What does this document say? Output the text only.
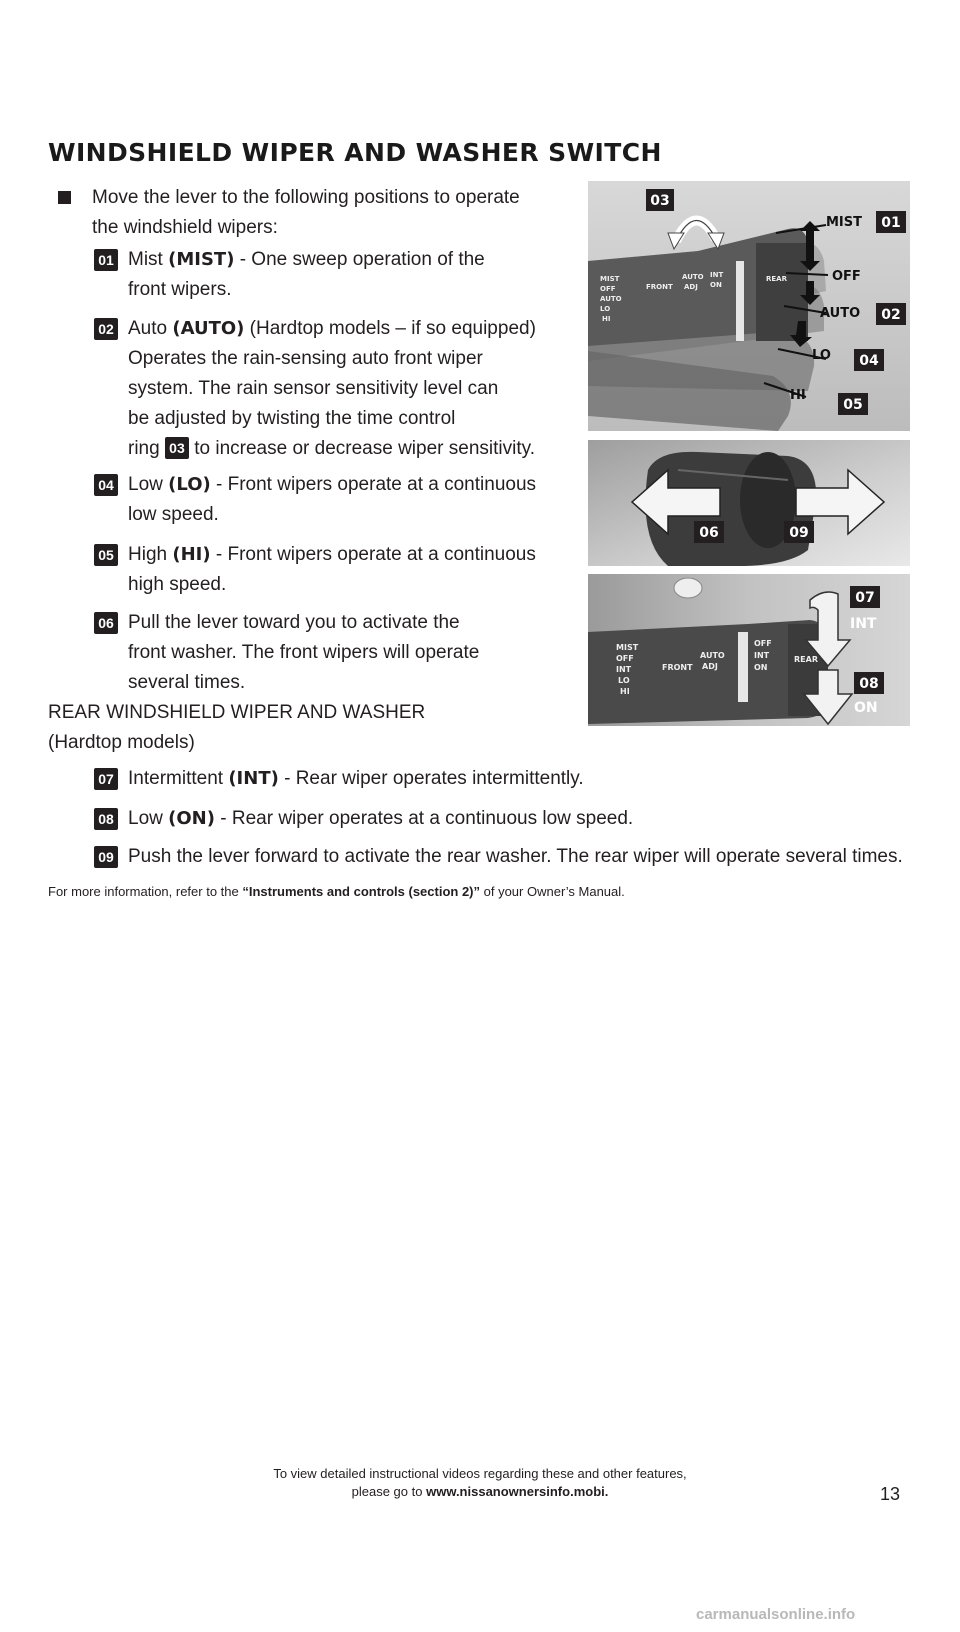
WINDSHIELD WIPER AND WASHER SWITCH
Move the lever to the following positions to operate
the windshield wipers:
01 Mist (MIST) - One sweep operation of the
front wipers.
02 Auto (AUTO) (Hardtop models – if so equipped)
Operates the rain-sensing auto front wiper
system. The rain sensor sensitivity level can
be adjusted by twisting the time control
ring 03 to increase or decrease wiper sensitivity.
04 Low (LO) - Front wipers operate at a continuous
low speed.
05 High (HI) - Front wipers operate at a continuous
high speed.
06 Pull the lever toward you to activate the
front washer. The front wipers will operate
several times.
REAR WINDSHIELD WIPER AND WASHER
(Hardtop models)
07 Intermittent (INT) - Rear wiper operates intermittently.
08 Low (ON) - Rear wiper operates at a continuous low speed.
09 Push the lever forward to activate the rear washer. The rear wiper will operate several times.
For more information, refer to the “Instruments and controls (section 2)” of your Owner’s Manual.
MIST
OFF
AUTO
LO
HI
FRONT
AUTO
ADJ
INT
ON
REAR
MIST
OFF
AUTO
LO
HI
03
01
02
04
05
06	09
MIST
OFF
INT
LO
HI
FRONT
AUTO
ADJ
OFF
INT
ON
REAR
07
INT
08
ON
To view detailed instructional videos regarding these and other features,
please go to www.nissanownersinfo.mobi.	13
carmanualsonline.info
